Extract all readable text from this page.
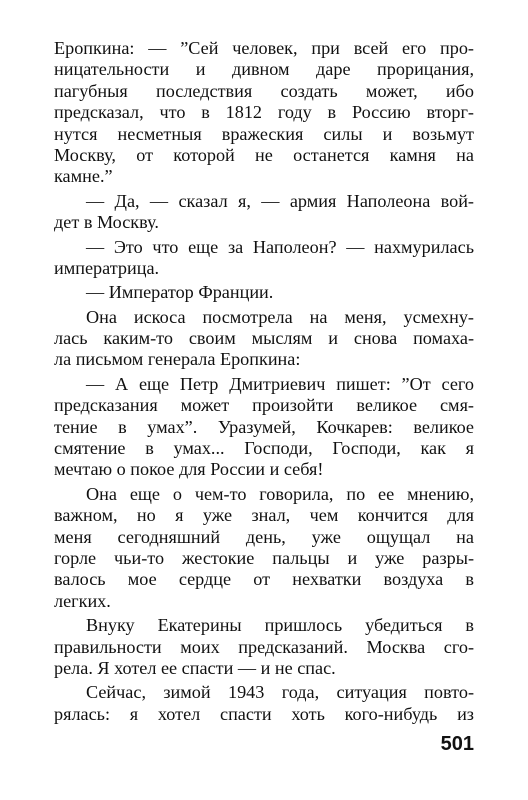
Еропкина: — ”Сей человек, при всей его про-
ницательности и дивном даре прорицания,
пагубныя последствия создать может, ибо
предсказал, что в 1812 году в Россию вторг-
нутся несметныя вражеския силы и возьмут
Москву, от которой не останется камня на
камне.”
— Да, — сказал я, — армия Наполеона вой-
дет в Москву.
— Это что еще за Наполеон? — нахмурилась
императрица.
— Император Франции.
Она искоса посмотрела на меня, усмехну-
лась каким-то своим мыслям и снова помаха-
ла письмом генерала Еропкина:
— А еще Петр Дмитриевич пишет: ”От сего
предсказания может произойти великое смя-
тение в умах”. Уразумей, Кочкарев: великое
смятение в умах... Господи, Господи, как я
мечтаю о покое для России и себя!
Она еще о чем-то говорила, по ее мнению,
важном, но я уже знал, чем кончится для
меня сегодняшний день, уже ощущал на
горле чьи-то жестокие пальцы и уже разры-
валось мое сердце от нехватки воздуха в
легких.
Внуку Екатерины пришлось убедиться в
правильности моих предсказаний. Москва сго-
рела. Я хотел ее спасти — и не спас.
Сейчас, зимой 1943 года, ситуация повто-
рялась: я хотел спасти хоть кого-нибудь из
501
